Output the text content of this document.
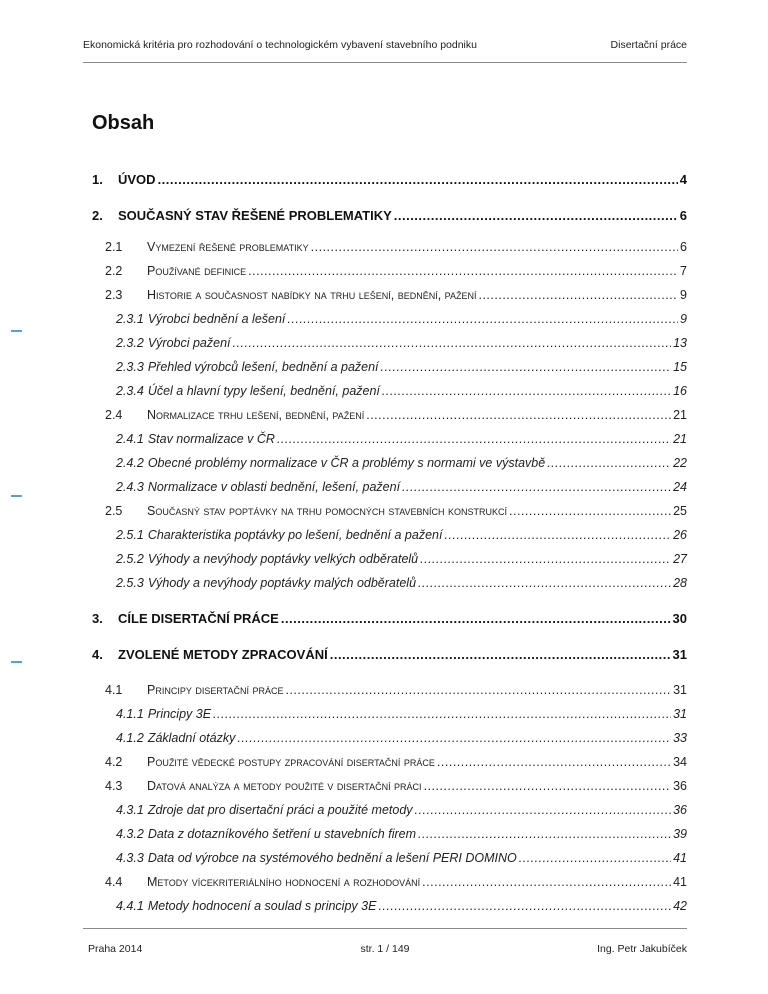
Ekonomická kritéria pro rozhodování o technologickém vybavení stavebního podniku	Disertační práce
Obsah
1.	ÚVOD .....	4
2.	SOUČASNÝ STAV ŘEŠENÉ PROBLEMATIKY .....	6
2.1	Vymezení řešené problematiky .....	6
2.2	Používané definice .....	7
2.3	Historie a současnost nabídky na trhu lešení, bednění, pažení .....	9
2.3.1 Výrobci bednění a lešení .....	9
2.3.2 Výrobci pažení .....	13
2.3.3 Přehled výrobců lešení, bednění a pažení .....	15
2.3.4 Účel a hlavní typy lešení, bednění, pažení .....	16
2.4	Normalizace trhu lešení, bednění, pažení .....	21
2.4.1 Stav normalizace v ČR .....	21
2.4.2 Obecné problémy normalizace v ČR a problémy s normami ve výstavbě .....	22
2.4.3 Normalizace v oblasti bednění, lešení, pažení .....	24
2.5	Současný stav poptávky na trhu pomocných stavebních konstrukcí .....	25
2.5.1 Charakteristika poptávky po lešení, bednění a pažení .....	26
2.5.2 Výhody a nevýhody poptávky velkých odběratelů .....	27
2.5.3 Výhody a nevýhody poptávky malých odběratelů .....	28
3.	CÍLE DISERTAČNÍ PRÁCE .....	30
4.	ZVOLENÉ METODY ZPRACOVÁNÍ .....	31
4.1	Principy disertační práce .....	31
4.1.1 Principy 3E .....	31
4.1.2 Základní otázky .....	33
4.2	Použité vědecké postupy zpracování disertační práce .....	34
4.3	Datová analýza a metody použité v disertační práci .....	36
4.3.1 Zdroje dat pro disertační práci a použité metody .....	36
4.3.2 Data z dotazníkového šetření u stavebních firem .....	39
4.3.3 Data od výrobce na systémového bednění a lešení PERI DOMINO .....	41
4.4	Metody vícekriteriálního hodnocení a rozhodování .....	41
4.4.1 Metody hodnocení a soulad s principy 3E .....	42
Praha 2014	str. 1 / 149	Ing. Petr Jakubíček
